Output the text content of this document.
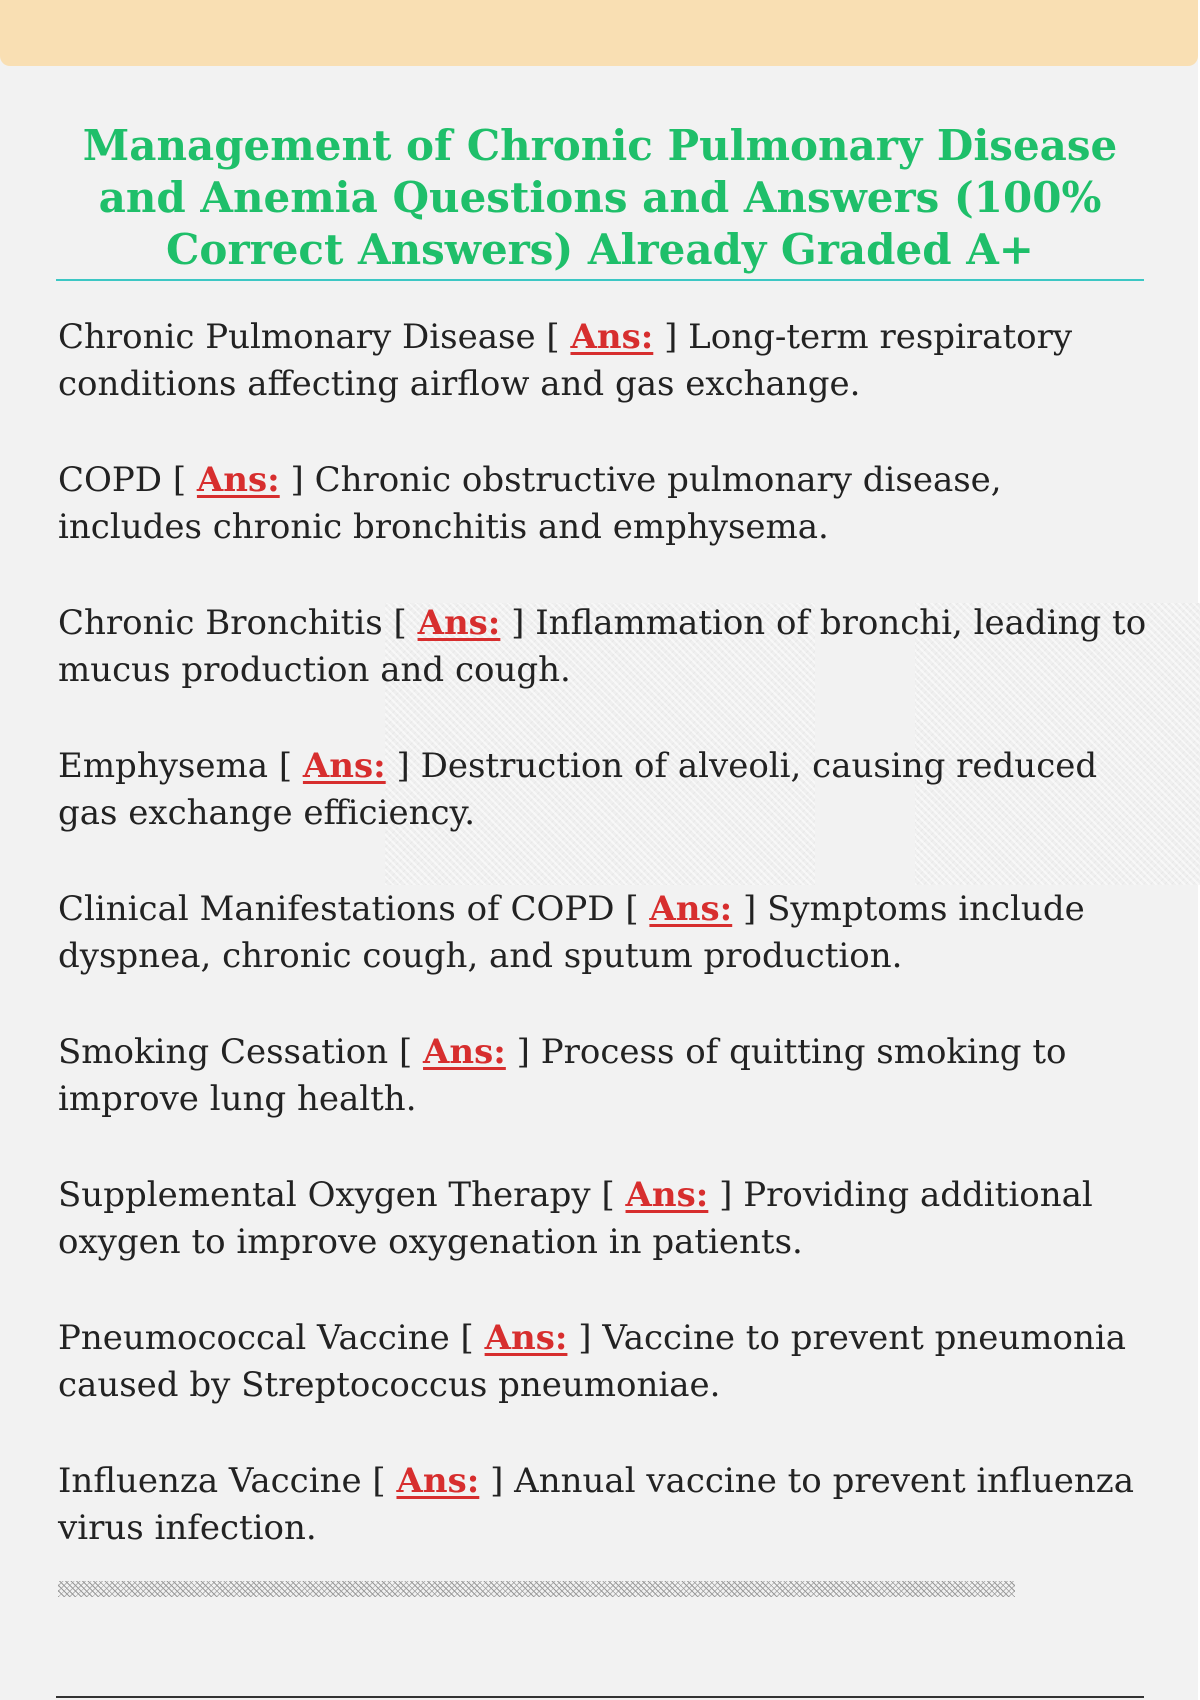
Management of Chronic Pulmonary Disease and Anemia Questions and Answers (100% Correct Answers) Already Graded A+
Chronic Pulmonary Disease [ Ans: ] Long-term respiratory conditions affecting airflow and gas exchange.
COPD [ Ans: ] Chronic obstructive pulmonary disease, includes chronic bronchitis and emphysema.
Chronic Bronchitis [ Ans: ] Inflammation of bronchi, leading to mucus production and cough.
Emphysema [ Ans: ] Destruction of alveoli, causing reduced gas exchange efficiency.
Clinical Manifestations of COPD [ Ans: ] Symptoms include dyspnea, chronic cough, and sputum production.
Smoking Cessation [ Ans: ] Process of quitting smoking to improve lung health.
Supplemental Oxygen Therapy [ Ans: ] Providing additional oxygen to improve oxygenation in patients.
Pneumococcal Vaccine [ Ans: ] Vaccine to prevent pneumonia caused by Streptococcus pneumoniae.
Influenza Vaccine [ Ans: ] Annual vaccine to prevent influenza virus infection.
